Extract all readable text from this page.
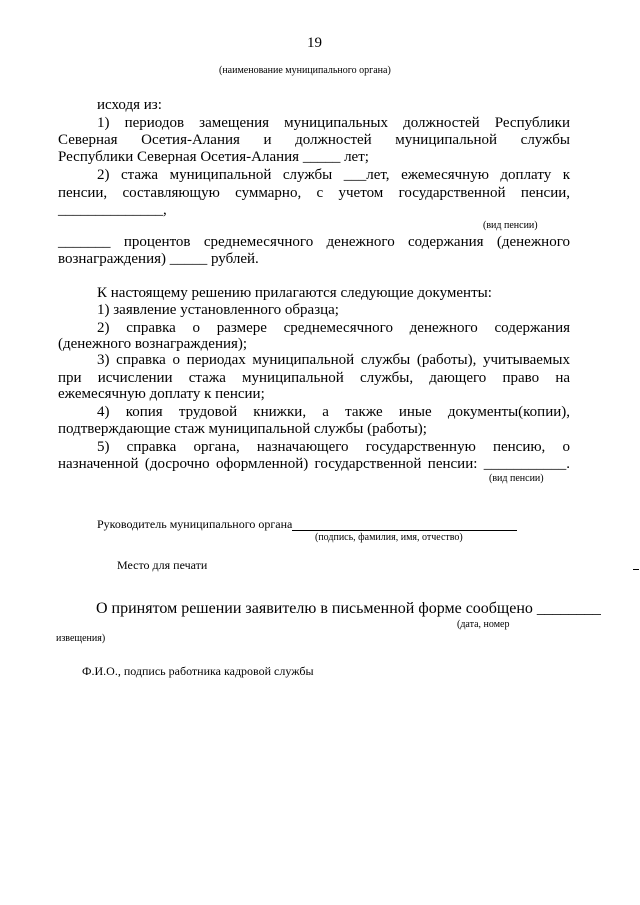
19
(наименование муниципального органа)
исходя из:
1) периодов замещения муниципальных должностей Республики
Северная Осетия-Алания и должностей муниципальной службы
Республики Северная Осетия-Алания _____ лет;
2) стажа муниципальной службы ___лет, ежемесячную доплату к
пенсии, составляющую суммарно, с учетом государственной пенсии,
______________,
(вид пенсии)
_______ процентов среднемесячного денежного содержания (денежного
вознаграждения) _____ рублей.
К настоящему решению прилагаются следующие документы:
1) заявление установленного образца;
2) справка о размере среднемесячного денежного содержания
(денежного вознаграждения);
3) справка о периодах муниципальной службы (работы), учитываемых
при исчислении стажа муниципальной службы, дающего право на
ежемесячную доплату к пенсии;
4) копия трудовой книжки, а также иные документы(копии),
подтверждающие стаж муниципальной службы (работы);
5) справка органа, назначающего государственную пенсию, о
назначенной (досрочно оформленной) государственной пенсии: ___________.
(вид пенсии)
Руководитель муниципального органа
(подпись, фамилия, имя, отчество)
Место для печати
О принятом решении заявителю в письменной форме сообщено ________
(дата, номер
извещения)
Ф.И.О., подпись работника кадровой службы
